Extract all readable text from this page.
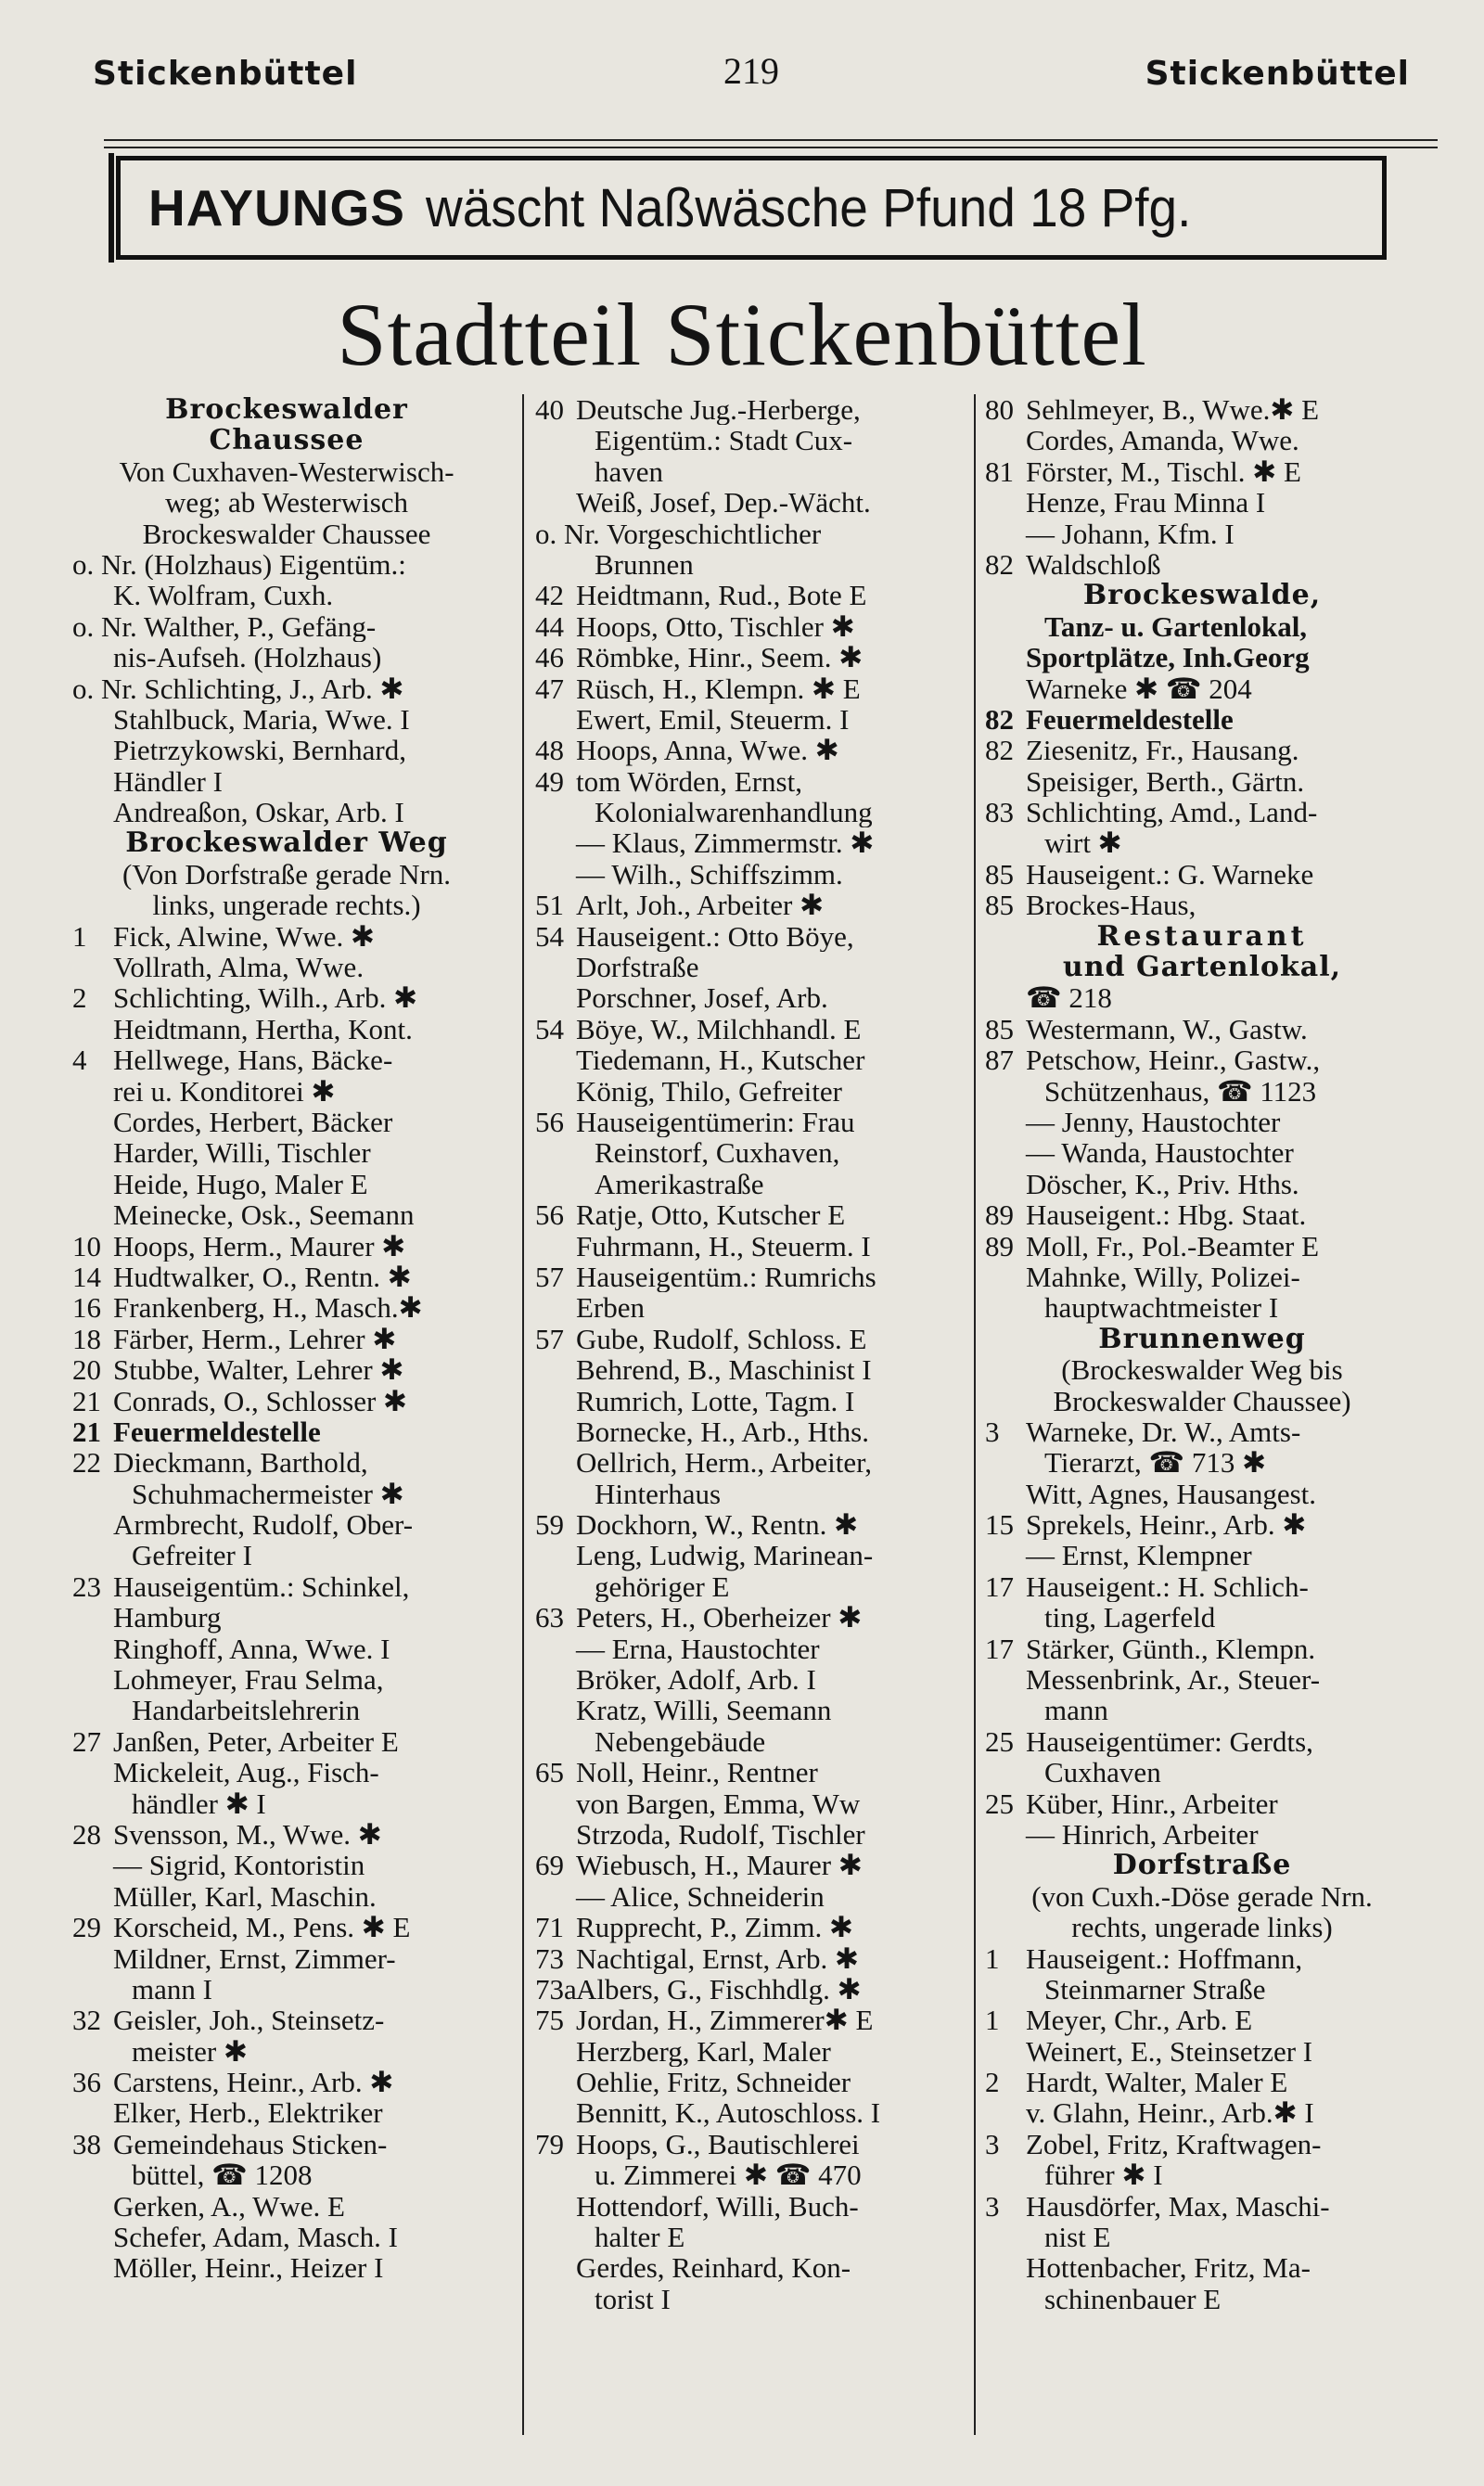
Stickenbüttel	219	Stickenbüttel
HAYUNGS wäscht Naßwäsche Pfund 18 Pfg.
Stadtteil Stickenbüttel
Brockeswalder
Chaussee
Von Cuxhaven-Westerwisch-
weg; ab Westerwisch
Brockeswalder Chaussee
o. Nr. (Holzhaus) Eigentüm.:
K. Wolfram, Cuxh.
o. Nr. Walther, P., Gefäng-
nis-Aufseh. (Holzhaus)
o. Nr. Schlichting, J., Arb. ✱
Stahlbuck, Maria, Wwe. I
Pietrzykowski, Bernhard,
Händler I
Andreaßon, Oskar, Arb. I
Brockeswalder Weg
(Von Dorfstraße gerade Nrn.
links, ungerade rechts.)
1 Fick, Alwine, Wwe. ✱
Vollrath, Alma, Wwe.
2 Schlichting, Wilh., Arb. ✱
Heidtmann, Hertha, Kont.
4 Hellwege, Hans, Bäcke-
rei u. Konditorei ✱
Cordes, Herbert, Bäcker
Harder, Willi, Tischler
Heide, Hugo, Maler E
Meinecke, Osk., Seemann
10 Hoops, Herm., Maurer ✱
14 Hudtwalker, O., Rentn. ✱
16 Frankenberg, H., Masch.✱
18 Färber, Herm., Lehrer ✱
20 Stubbe, Walter, Lehrer ✱
21 Conrads, O., Schlosser ✱
21 Feuermeldestelle
22 Dieckmann, Barthold,
Schuhmachermeister ✱
Armbrecht, Rudolf, Ober-
Gefreiter I
23 Hauseigentüm.: Schinkel,
Hamburg
Ringhoff, Anna, Wwe. I
Lohmeyer, Frau Selma,
Handarbeitslehrerin
27 Janßen, Peter, Arbeiter E
Mickeleit, Aug., Fisch-
händler ✱ I
28 Svensson, M., Wwe. ✱
— Sigrid, Kontoristin
Müller, Karl, Maschin.
29 Korscheid, M., Pens. ✱ E
Mildner, Ernst, Zimmer-
mann I
32 Geisler, Joh., Steinsetz-
meister ✱
36 Carstens, Heinr., Arb. ✱
Elker, Herb., Elektriker
38 Gemeindehaus Sticken-
büttel, ☎ 1208
Gerken, A., Wwe. E
Schefer, Adam, Masch. I
Möller, Heinr., Heizer I
40 Deutsche Jug.-Herberge,
Eigentüm.: Stadt Cux-
haven
Weiß, Josef, Dep.-Wächt.
o. Nr. Vorgeschichtlicher
Brunnen
42 Heidtmann, Rud., Bote E
44 Hoops, Otto, Tischler ✱
46 Römbke, Hinr., Seem. ✱
47 Rüsch, H., Klempn. ✱ E
Ewert, Emil, Steuerm. I
48 Hoops, Anna, Wwe. ✱
49 tom Wörden, Ernst,
Kolonialwarenhandlung
— Klaus, Zimmermstr. ✱
— Wilh., Schiffszimm.
51 Arlt, Joh., Arbeiter ✱
54 Hauseigent.: Otto Böye,
Dorfstraße
Porschner, Josef, Arb.
54 Böye, W., Milchhandl. E
Tiedemann, H., Kutscher
König, Thilo, Gefreiter
56 Hauseigentümerin: Frau
Reinstorf, Cuxhaven,
Amerikastraße
56 Ratje, Otto, Kutscher E
Fuhrmann, H., Steuerm. I
57 Hauseigentüm.: Rumrichs
Erben
57 Gube, Rudolf, Schloss. E
Behrend, B., Maschinist I
Rumrich, Lotte, Tagm. I
Bornecke, H., Arb., Hths.
Oellrich, Herm., Arbeiter,
Hinterhaus
59 Dockhorn, W., Rentn. ✱
Leng, Ludwig, Marinean-
gehöriger E
63 Peters, H., Oberheizer ✱
— Erna, Haustochter
Bröker, Adolf, Arb. I
Kratz, Willi, Seemann
Nebengebäude
65 Noll, Heinr., Rentner
von Bargen, Emma, Ww
Strzoda, Rudolf, Tischler
69 Wiebusch, H., Maurer ✱
— Alice, Schneiderin
71 Rupprecht, P., Zimm. ✱
73 Nachtigal, Ernst, Arb. ✱
73a Albers, G., Fischhdlg. ✱
75 Jordan, H., Zimmerer✱ E
Herzberg, Karl, Maler
Oehlie, Fritz, Schneider
Bennitt, K., Autoschloss. I
79 Hoops, G., Bautischlerei
u. Zimmerei ✱ ☎ 470
Hottendorf, Willi, Buch-
halter E
Gerdes, Reinhard, Kon-
torist I
80 Sehlmeyer, B., Wwe.✱ E
Cordes, Amanda, Wwe.
81 Förster, M., Tischl. ✱ E
Henze, Frau Minna I
— Johann, Kfm. I
82 Waldschloß
Brockeswalde,
Tanz- u. Gartenlokal,
Sportplätze, Inh.Georg
Warneke ✱ ☎ 204
82 Feuermeldestelle
82 Ziesenitz, Fr., Hausang.
Speisiger, Berth., Gärtn.
83 Schlichting, Amd., Land-
wirt ✱
85 Hauseigent.: G. Warneke
85 Brockes-Haus,
Restaurant
und Gartenlokal,
☎ 218
85 Westermann, W., Gastw.
87 Petschow, Heinr., Gastw.,
Schützenhaus, ☎ 1123
— Jenny, Haustochter
— Wanda, Haustochter
Döscher, K., Priv. Hths.
89 Hauseigent.: Hbg. Staat.
89 Moll, Fr., Pol.-Beamter E
Mahnke, Willy, Polizei-
hauptwachtmeister I
Brunnenweg
(Brockeswalder Weg bis
Brockeswalder Chaussee)
3 Warneke, Dr. W., Amts-
Tierarzt, ☎ 713 ✱
Witt, Agnes, Hausangest.
15 Sprekels, Heinr., Arb. ✱
— Ernst, Klempner
17 Hauseigent.: H. Schlich-
ting, Lagerfeld
17 Stärker, Günth., Klempn.
Messenbrink, Ar., Steuer-
mann
25 Hauseigentümer: Gerdts,
Cuxhaven
25 Küber, Hinr., Arbeiter
— Hinrich, Arbeiter
Dorfstraße
(von Cuxh.-Döse gerade Nrn.
rechts, ungerade links)
1 Hauseigent.: Hoffmann,
Steinmarner Straße
1 Meyer, Chr., Arb. E
Weinert, E., Steinsetzer I
2 Hardt, Walter, Maler E
v. Glahn, Heinr., Arb.✱ I
3 Zobel, Fritz, Kraftwagen-
führer ✱ I
3 Hausdörfer, Max, Maschi-
nist E
Hottenbacher, Fritz, Ma-
schinenbauer E
